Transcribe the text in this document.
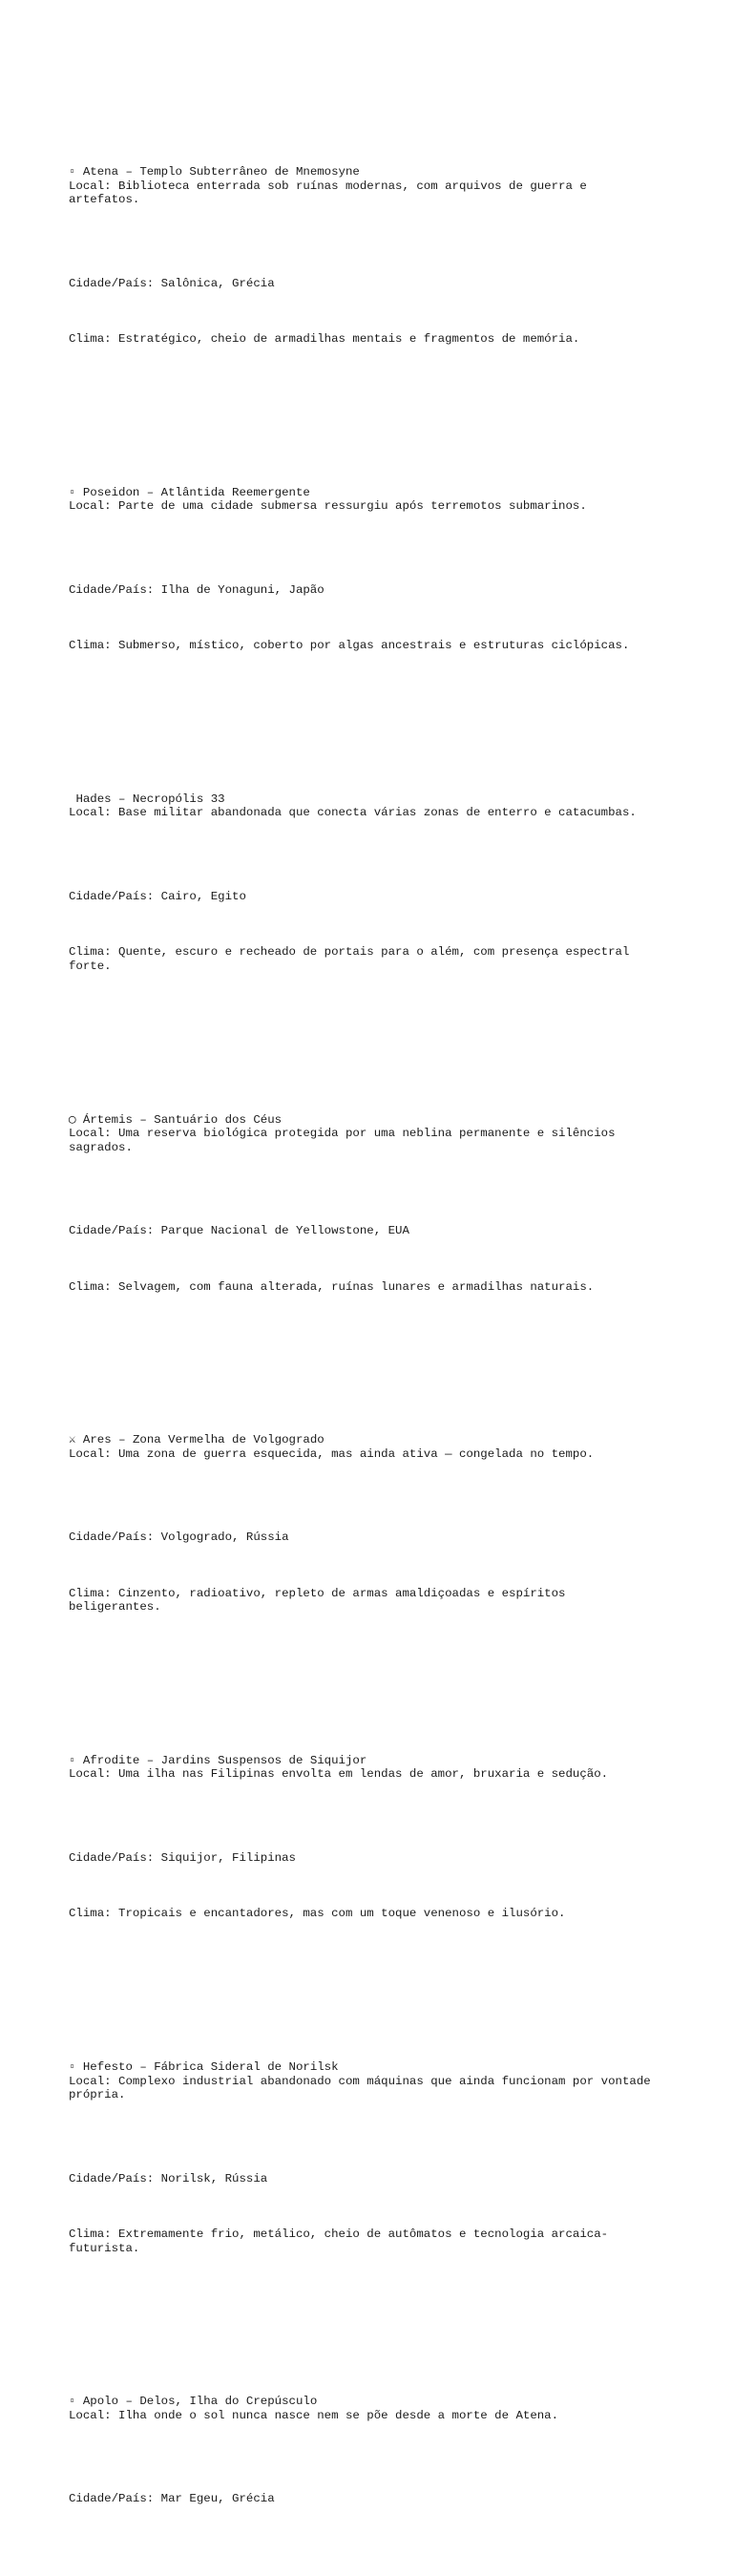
▫ Atena – Templo Subterrâneo de Mnemosyne
Local: Biblioteca enterrada sob ruínas modernas, com arquivos de guerra e
artefatos.

Cidade/País: Salônica, Grécia

Clima: Estratégico, cheio de armadilhas mentais e fragmentos de memória.

▫ Poseidon – Atlântida Reemergente
Local: Parte de uma cidade submersa ressurgiu após terremotos submarinos.

Cidade/País: Ilha de Yonaguni, Japão

Clima: Submerso, místico, coberto por algas ancestrais e estruturas ciclópicas.

Hades – Necropólis 33
Local: Base militar abandonada que conecta várias zonas de enterro e catacumbas.

Cidade/País: Cairo, Egito

Clima: Quente, escuro e recheado de portais para o além, com presença espectral
forte.

◯ Ártemis – Santuário dos Céus
Local: Uma reserva biológica protegida por uma neblina permanente e silêncios
sagrados.

Cidade/País: Parque Nacional de Yellowstone, EUA

Clima: Selvagem, com fauna alterada, ruínas lunares e armadilhas naturais.

⚔ Ares – Zona Vermelha de Volgogrado
Local: Uma zona de guerra esquecida, mas ainda ativa — congelada no tempo.

Cidade/País: Volgogrado, Rússia

Clima: Cinzento, radioativo, repleto de armas amaldiçoadas e espíritos
beligerantes.

▫ Afrodite – Jardins Suspensos de Siquijor
Local: Uma ilha nas Filipinas envolta em lendas de amor, bruxaria e sedução.

Cidade/País: Siquijor, Filipinas

Clima: Tropicais e encantadores, mas com um toque venenoso e ilusório.

▫ Hefesto – Fábrica Sideral de Norilsk
Local: Complexo industrial abandonado com máquinas que ainda funcionam por vontade
própria.

Cidade/País: Norilsk, Rússia

Clima: Extremamente frio, metálico, cheio de autômatos e tecnologia arcaica-
futurista.

▫ Apolo – Delos, Ilha do Crepúsculo
Local: Ilha onde o sol nunca nasce nem se põe desde a morte de Atena.

Cidade/País: Mar Egeu, Grécia
